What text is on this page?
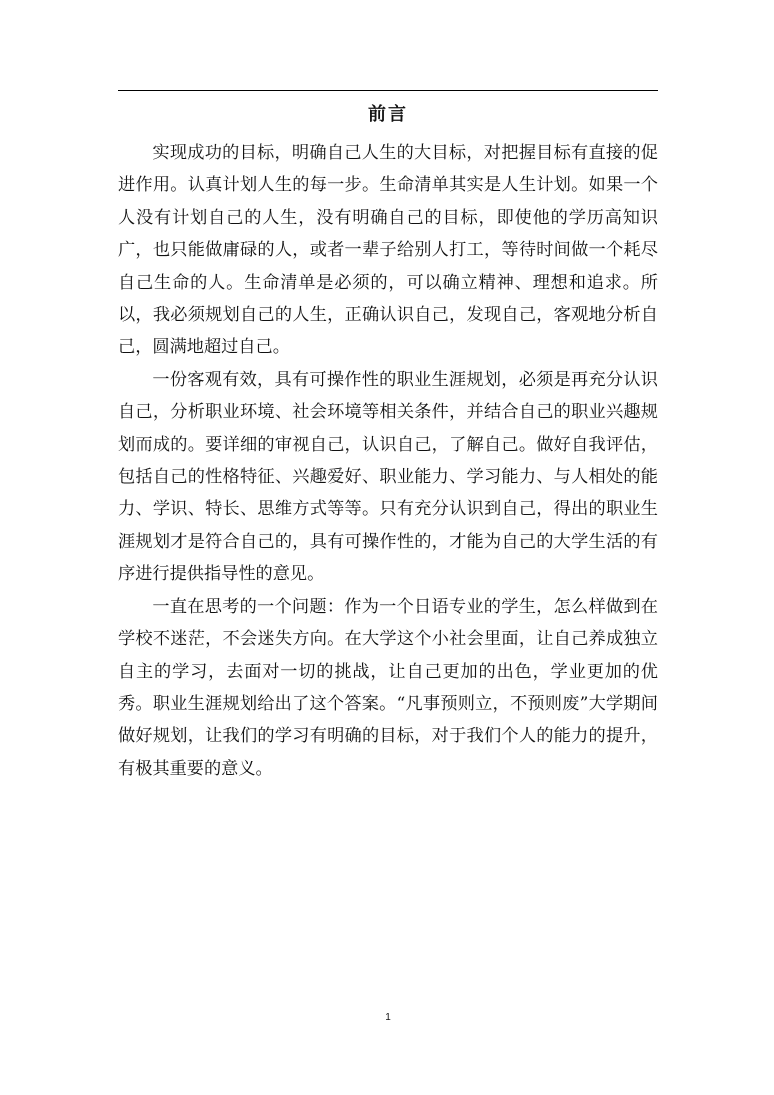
前言

实现成功的目标，明确自己人生的大目标，对把握目标有直接的促进作用。认真计划人生的每一步。生命清单其实是人生计划。如果一个人没有计划自己的人生，没有明确自己的目标，即使他的学历高知识广，也只能做庸碌的人，或者一辈子给别人打工，等待时间做一个耗尽自己生命的人。生命清单是必须的，可以确立精神、理想和追求。所以，我必须规划自己的人生，正确认识自己，发现自己，客观地分析自己，圆满地超过自己。

一份客观有效，具有可操作性的职业生涯规划，必须是再充分认识自己，分析职业环境、社会环境等相关条件，并结合自己的职业兴趣规划而成的。要详细的审视自己，认识自己，了解自己。做好自我评估，包括自己的性格特征、兴趣爱好、职业能力、学习能力、与人相处的能力、学识、特长、思维方式等等。只有充分认识到自己，得出的职业生涯规划才是符合自己的，具有可操作性的，才能为自己的大学生活的有序进行提供指导性的意见。

一直在思考的一个问题：作为一个日语专业的学生，怎么样做到在学校不迷茫，不会迷失方向。在大学这个小社会里面，让自己养成独立自主的学习，去面对一切的挑战，让自己更加的出色，学业更加的优秀。职业生涯规划给出了这个答案。“凡事预则立，不预则废”大学期间做好规划，让我们的学习有明确的目标，对于我们个人的能力的提升，有极其重要的意义。

1
